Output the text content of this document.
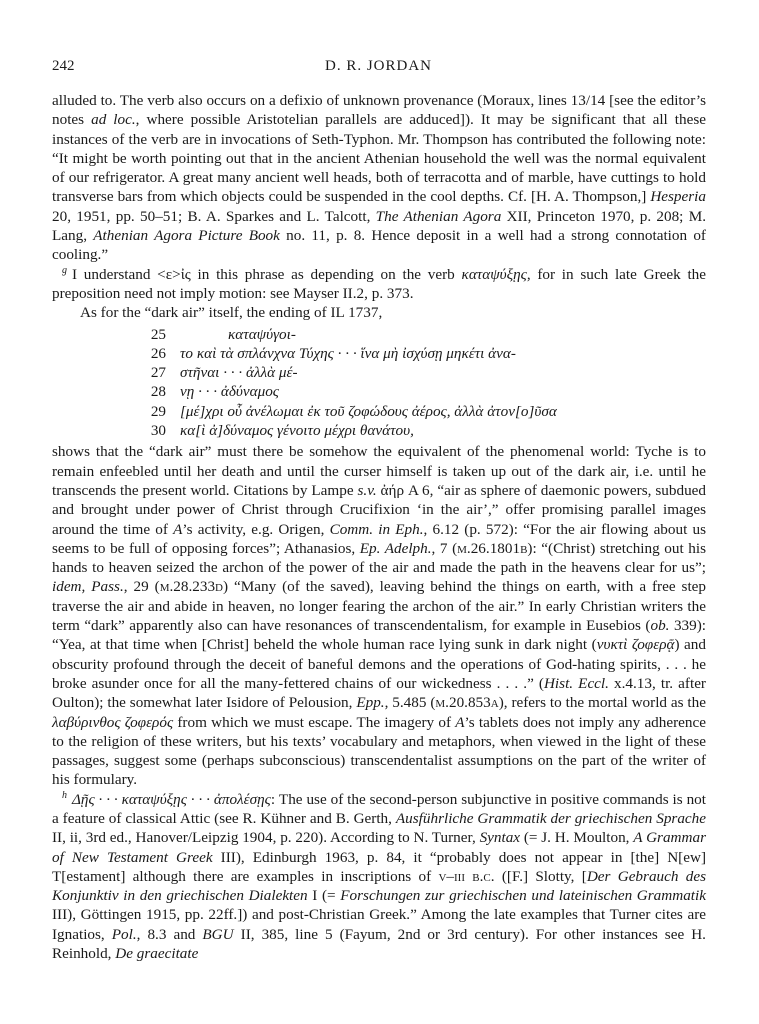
242	D. R. JORDAN

alluded to. The verb also occurs on a defixio of unknown provenance (Moraux, lines 13/14 [see the editor’s notes ad loc., where possible Aristotelian parallels are adduced]). It may be significant that all these instances of the verb are in invocations of Seth-Typhon. Mr. Thompson has contributed the following note: “It might be worth pointing out that in the ancient Athenian household the well was the normal equivalent of our refrigerator. A great many ancient well heads, both of terracotta and of marble, have cuttings to hold transverse bars from which objects could be suspended in the cool depths. Cf. [H. A. Thompson,] Hesperia 20, 1951, pp. 50–51; B. A. Sparkes and L. Talcott, The Athenian Agora XII, Princeton 1970, p. 208; M. Lang, Athenian Agora Picture Book no. 11, p. 8. Hence deposit in a well had a strong connotation of cooling.”

$^g$ I understand <ε>ἰς in this phrase as depending on the verb καταψύξῃς, for in such late Greek the preposition need not imply motion: see Mayser II.2, p. 373.

As for the “dark air” itself, the ending of IL 1737,

25	καταψύγοι-
26 το καὶ τὰ σπλάνχνα Τύχης · · · ἵνα μὴ ἰσχύσῃ μηκέτι ἀνα-
27 στῆναι · · · ἀλλὰ μέ-
28 νῃ · · · ἀδύναμος
29 [μέ]χρι οὗ ἀνέλωμαι ἐκ τοῦ ζοφώδους ἀέρος, ἀλλὰ ἀτον[ο]ῦσα
30 κα[ὶ ἀ]δύναμος γένοιτο μέχρι θανάτου,

shows that the “dark air” must there be somehow the equivalent of the phenomenal world: Tyche is to remain enfeebled until her death and until the curser himself is taken up out of the dark air, i.e. until he transcends the present world. Citations by Lampe s.v. ἀήρ A 6, “air as sphere of daemonic powers, subdued and brought under power of Christ through Crucifixion ‘in the air’,” offer promising parallel images around the time of A’s activity, e.g. Origen, Comm. in Eph., 6.12 (p. 572): “For the air flowing about us seems to be full of opposing forces”; Athanasios, Ep. Adelph., 7 (m.26.1801b): “(Christ) stretching out his hands to heaven seized the archon of the power of the air and made the path in the heavens clear for us”; idem, Pass., 29 (m.28.233d) “Many (of the saved), leaving behind the things on earth, with a free step traverse the air and abide in heaven, no longer fearing the archon of the air.” In early Christian writers the term “dark” apparently also can have resonances of transcendentalism, for example in Eusebios (ob. 339): “Yea, at that time when [Christ] beheld the whole human race lying sunk in dark night (νυκτὶ ζοφερᾷ) and obscurity profound through the deceit of baneful demons and the operations of God-hating spirits, . . . he broke asunder once for all the many-fettered chains of our wickedness . . . .” (Hist. Eccl. x.4.13, tr. after Oulton); the somewhat later Isidore of Pelousion, Epp., 5.485 (m.20.853a), refers to the mortal world as the λαβύρινθος ζοφερός from which we must escape. The imagery of A’s tablets does not imply any adherence to the religion of these writers, but his texts’ vocabulary and metaphors, when viewed in the light of these passages, suggest some (perhaps subconscious) transcendentalist assumptions on the part of the writer of his formulary.

$^h$ Δῇς · · · καταψύξῃς · · · ἀπολέσῃς: The use of the second-person subjunctive in positive commands is not a feature of classical Attic (see R. Kühner and B. Gerth, Ausführliche Grammatik der griechischen Sprache II, ii, 3rd ed., Hanover/Leipzig 1904, p. 220). According to N. Turner, Syntax (= J. H. Moulton, A Grammar of New Testament Greek III), Edinburgh 1963, p. 84, it “probably does not appear in [the] N[ew] T[estament] although there are examples in inscriptions of v–iii b.c. ([F.] Slotty, [Der Gebrauch des Konjunktiv in den griechischen Dialekten I (= Forschungen zur griechischen und lateinischen Grammatik III), Göttingen 1915, pp. 22ff.]) and post-Christian Greek.” Among the late examples that Turner cites are Ignatios, Pol., 8.3 and BGU II, 385, line 5 (Fayum, 2nd or 3rd century). For other instances see H. Reinhold, De graecitate
